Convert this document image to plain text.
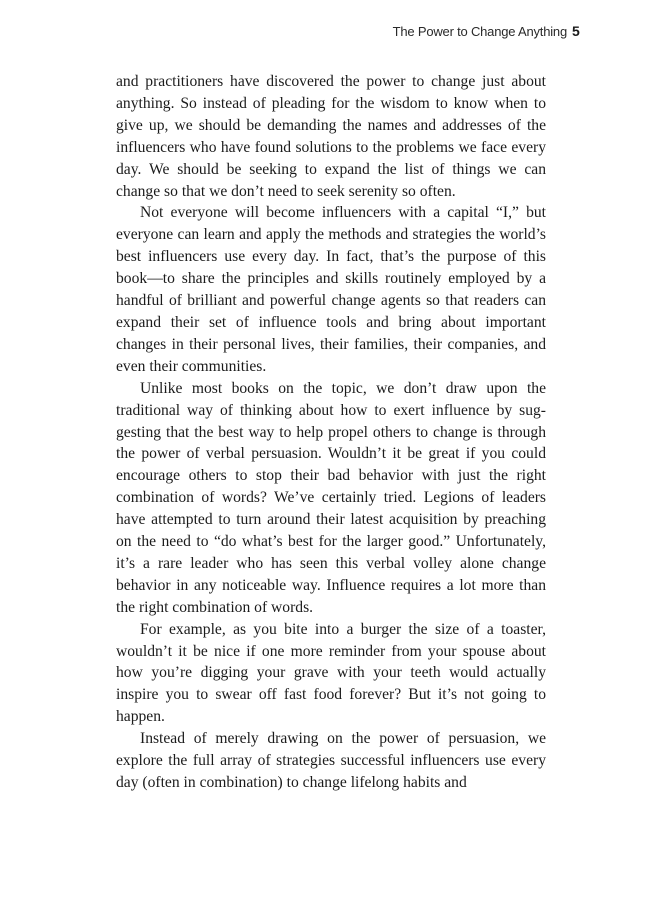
The Power to Change Anything 5

and practitioners have discovered the power to change just about anything. So instead of pleading for the wisdom to know when to give up, we should be demanding the names and addresses of the influencers who have found solutions to the problems we face every day. We should be seeking to expand the list of things we can change so that we don’t need to seek serenity so often.

Not everyone will become influencers with a capital “I,” but everyone can learn and apply the methods and strategies the world’s best influencers use every day. In fact, that’s the purpose of this book—to share the principles and skills routinely employed by a handful of brilliant and powerful change agents so that readers can expand their set of influence tools and bring about important changes in their personal lives, their families, their companies, and even their communities.

Unlike most books on the topic, we don’t draw upon the traditional way of thinking about how to exert influence by suggesting that the best way to help propel others to change is through the power of verbal persuasion. Wouldn’t it be great if you could encourage others to stop their bad behavior with just the right combination of words? We’ve certainly tried. Legions of leaders have attempted to turn around their latest acquisition by preaching on the need to “do what’s best for the larger good.” Unfortunately, it’s a rare leader who has seen this verbal volley alone change behavior in any noticeable way. Influence requires a lot more than the right combination of words.

For example, as you bite into a burger the size of a toaster, wouldn’t it be nice if one more reminder from your spouse about how you’re digging your grave with your teeth would actually inspire you to swear off fast food forever? But it’s not going to happen.

Instead of merely drawing on the power of persuasion, we explore the full array of strategies successful influencers use every day (often in combination) to change lifelong habits and
